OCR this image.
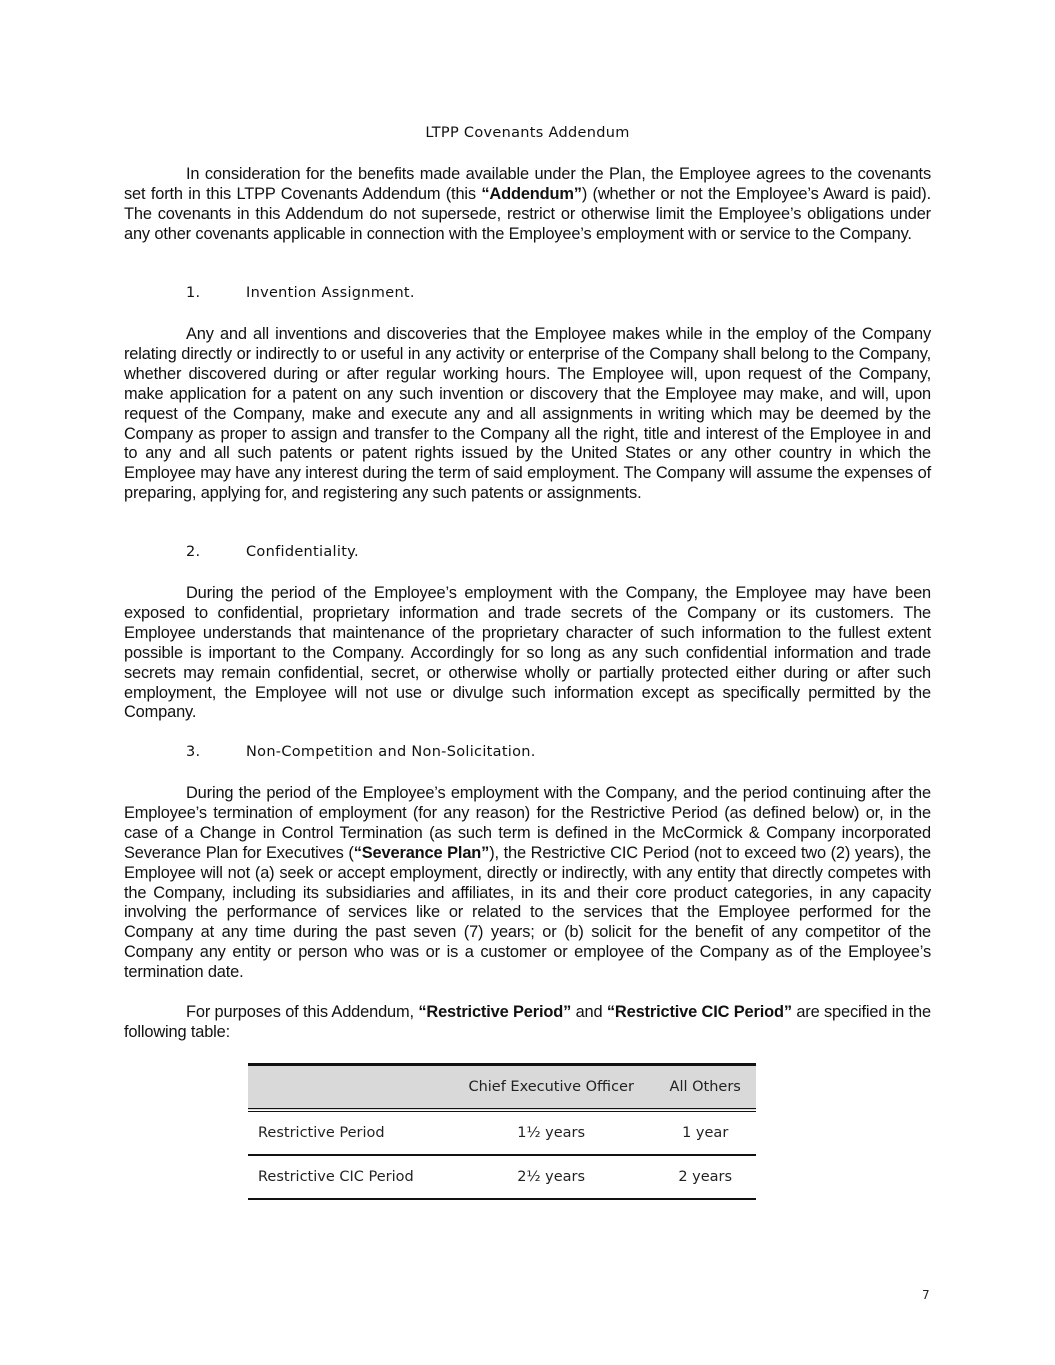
LTPP Covenants Addendum

In consideration for the benefits made available under the Plan, the Employee agrees to the covenants set forth in this LTPP Covenants Addendum (this “Addendum”) (whether or not the Employee’s Award is paid). The covenants in this Addendum do not supersede, restrict or otherwise limit the Employee’s obligations under any other covenants applicable in connection with the Employee’s employment with or service to the Company.

1.	Invention Assignment.

Any and all inventions and discoveries that the Employee makes while in the employ of the Company relating directly or indirectly to or useful in any activity or enterprise of the Company shall belong to the Company, whether discovered during or after regular working hours. The Employee will, upon request of the Company, make application for a patent on any such invention or discovery that the Employee may make, and will, upon request of the Company, make and execute any and all assignments in writing which may be deemed by the Company as proper to assign and transfer to the Company all the right, title and interest of the Employee in and to any and all such patents or patent rights issued by the United States or any other country in which the Employee may have any interest during the term of said employment. The Company will assume the expenses of preparing, applying for, and registering any such patents or assignments.

2.	Confidentiality.

During the period of the Employee’s employment with the Company, the Employee may have been exposed to confidential, proprietary information and trade secrets of the Company or its customers. The Employee understands that maintenance of the proprietary character of such information to the fullest extent possible is important to the Company. Accordingly for so long as any such confidential information and trade secrets may remain confidential, secret, or otherwise wholly or partially protected either during or after such employment, the Employee will not use or divulge such information except as specifically permitted by the Company.

3.	Non-Competition and Non-Solicitation.

During the period of the Employee’s employment with the Company, and the period continuing after the Employee’s termination of employment (for any reason) for the Restrictive Period (as defined below) or, in the case of a Change in Control Termination (as such term is defined in the McCormick & Company incorporated Severance Plan for Executives (“Severance Plan”), the Restrictive CIC Period (not to exceed two (2) years), the Employee will not (a) seek or accept employment, directly or indirectly, with any entity that directly competes with the Company, including its subsidiaries and affiliates, in its and their core product categories, in any capacity involving the performance of services like or related to the services that the Employee performed for the Company at any time during the past seven (7) years; or (b) solicit for the benefit of any competitor of the Company any entity or person who was or is a customer or employee of the Company as of the Employee’s termination date.

For purposes of this Addendum, “Restrictive Period” and “Restrictive CIC Period” are specified in the following table:

	Chief Executive Officer	All Others
Restrictive Period	1½ years	1 year
Restrictive CIC Period	2½ years	2 years
7
